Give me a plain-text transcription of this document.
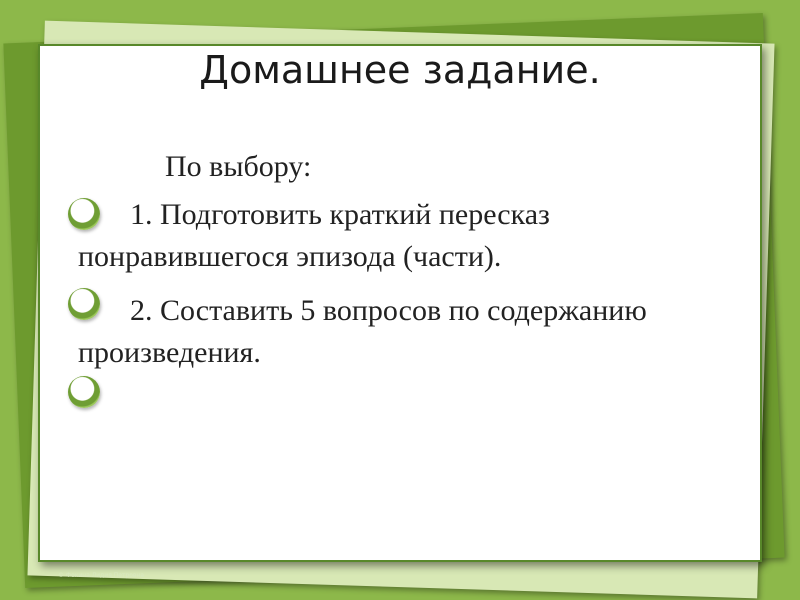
Домашнее задание.
По выбору:
1. Подготовить краткий пересказ понравившегося эпизода (части).
2. Составить 5 вопросов по содержанию произведения.
© Фокина Лидия Петровна
